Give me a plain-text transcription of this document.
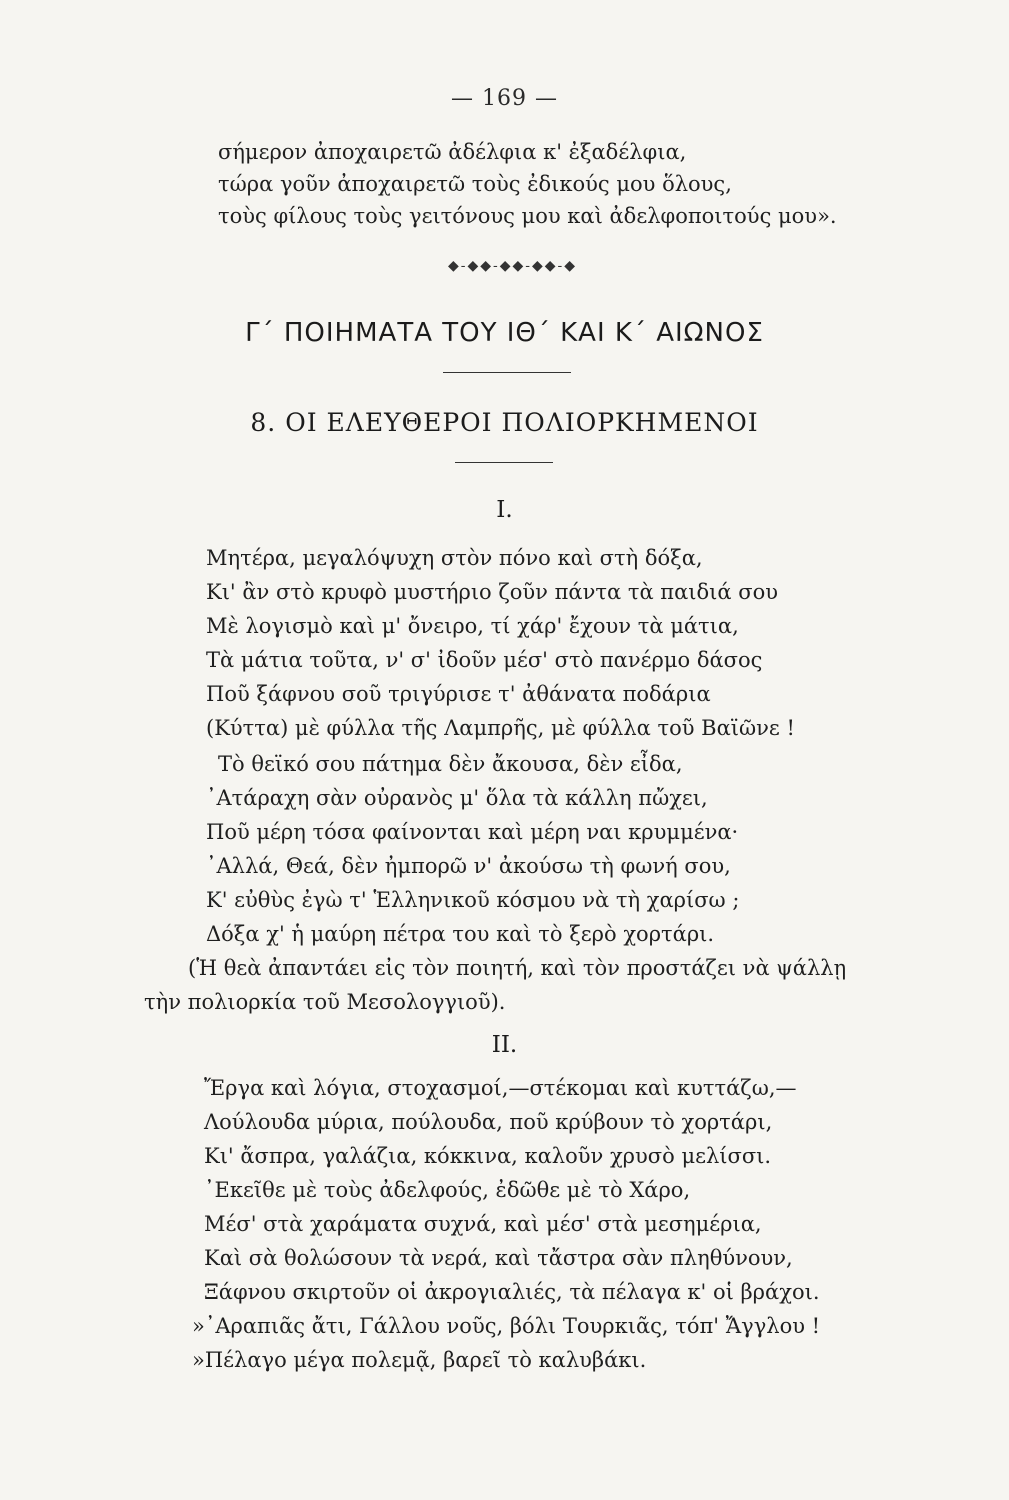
— 169 —
σήμερον ἀποχαιρετῶ ἀδέλφια κ' ἐξαδέλφια,
τώρα γοῦν ἀποχαιρετῶ τοὺς ἐδικούς μου ὅλους,
τοὺς φίλους τοὺς γειτόνους μου καὶ ἀδελφοποιτούς μου».
◆-◆◆-◆◆-◆◆-◆
Γ΄ ΠΟΙΗΜΑΤΑ ΤΟΥ ΙΘ΄ ΚΑΙ Κ΄ ΑΙΩΝΟΣ
8. ΟΙ ΕΛΕΥΘΕΡΟΙ ΠΟΛΙΟΡΚΗΜΕΝΟΙ
Ι.
Μητέρα, μεγαλόψυχη στὸν πόνο καὶ στὴ δόξα,
Κι' ἂν στὸ κρυφὸ μυστήριο ζοῦν πάντα τὰ παιδιά σου
Μὲ λογισμὸ καὶ μ' ὄνειρο, τί χάρ' ἔχουν τὰ μάτια,
Τὰ μάτια τοῦτα, ν' σ' ἰδοῦν μέσ' στὸ πανέρμο δάσος
Ποῦ ξάφνου σοῦ τριγύρισε τ' ἀθάνατα ποδάρια
(Κύττα) μὲ φύλλα τῆς Λαμπρῆς, μὲ φύλλα τοῦ Βαϊῶνε !
Τὸ θεϊκό σου πάτημα δὲν ἄκουσα, δὲν εἶδα,
᾿Ατάραχη σὰν οὐρανὸς μ' ὅλα τὰ κάλλη πὤχει,
Ποῦ μέρη τόσα φαίνονται καὶ μέρη ναι κρυμμένα·
᾿Αλλά, Θεά, δὲν ἠμπορῶ ν' ἀκούσω τὴ φωνή σου,
Κ' εὐθὺς ἐγὼ τ' Ἑλληνικοῦ κόσμου νὰ τὴ χαρίσω ;
Δόξα χ' ἡ μαύρη πέτρα του καὶ τὸ ξερὸ χορτάρι.
(Ἡ θεὰ ἀπαντάει εἰς τὸν ποιητή, καὶ τὸν προστάζει νὰ ψάλλῃ
τὴν πολιορκία τοῦ Μεσολογγιοῦ).
ΙΙ.
Ἔργα καὶ λόγια, στοχασμοί,—στέκομαι καὶ κυττάζω,—
Λούλουδα μύρια, πούλουδα, ποῦ κρύβουν τὸ χορτάρι,
Κι' ἄσπρα, γαλάζια, κόκκινα, καλοῦν χρυσὸ μελίσσι.
᾿Εκεῖθε μὲ τοὺς ἀδελφούς, ἐδῶθε μὲ τὸ Χάρο,
Μέσ' στὰ χαράματα συχνά, καὶ μέσ' στὰ μεσημέρια,
Καὶ σὰ θολώσουν τὰ νερά, καὶ τἄστρα σὰν πληθύνουν,
Ξάφνου σκιρτοῦν οἱ ἀκρογιαλιές, τὰ πέλαγα κ' οἱ βράχοι.
»᾿Αραπιᾶς ἄτι, Γάλλου νοῦς, βόλι Τουρκιᾶς, τόπ' Ἄγγλου !
»Πέλαγο μέγα πολεμᾷ, βαρεῖ τὸ καλυβάκι.
